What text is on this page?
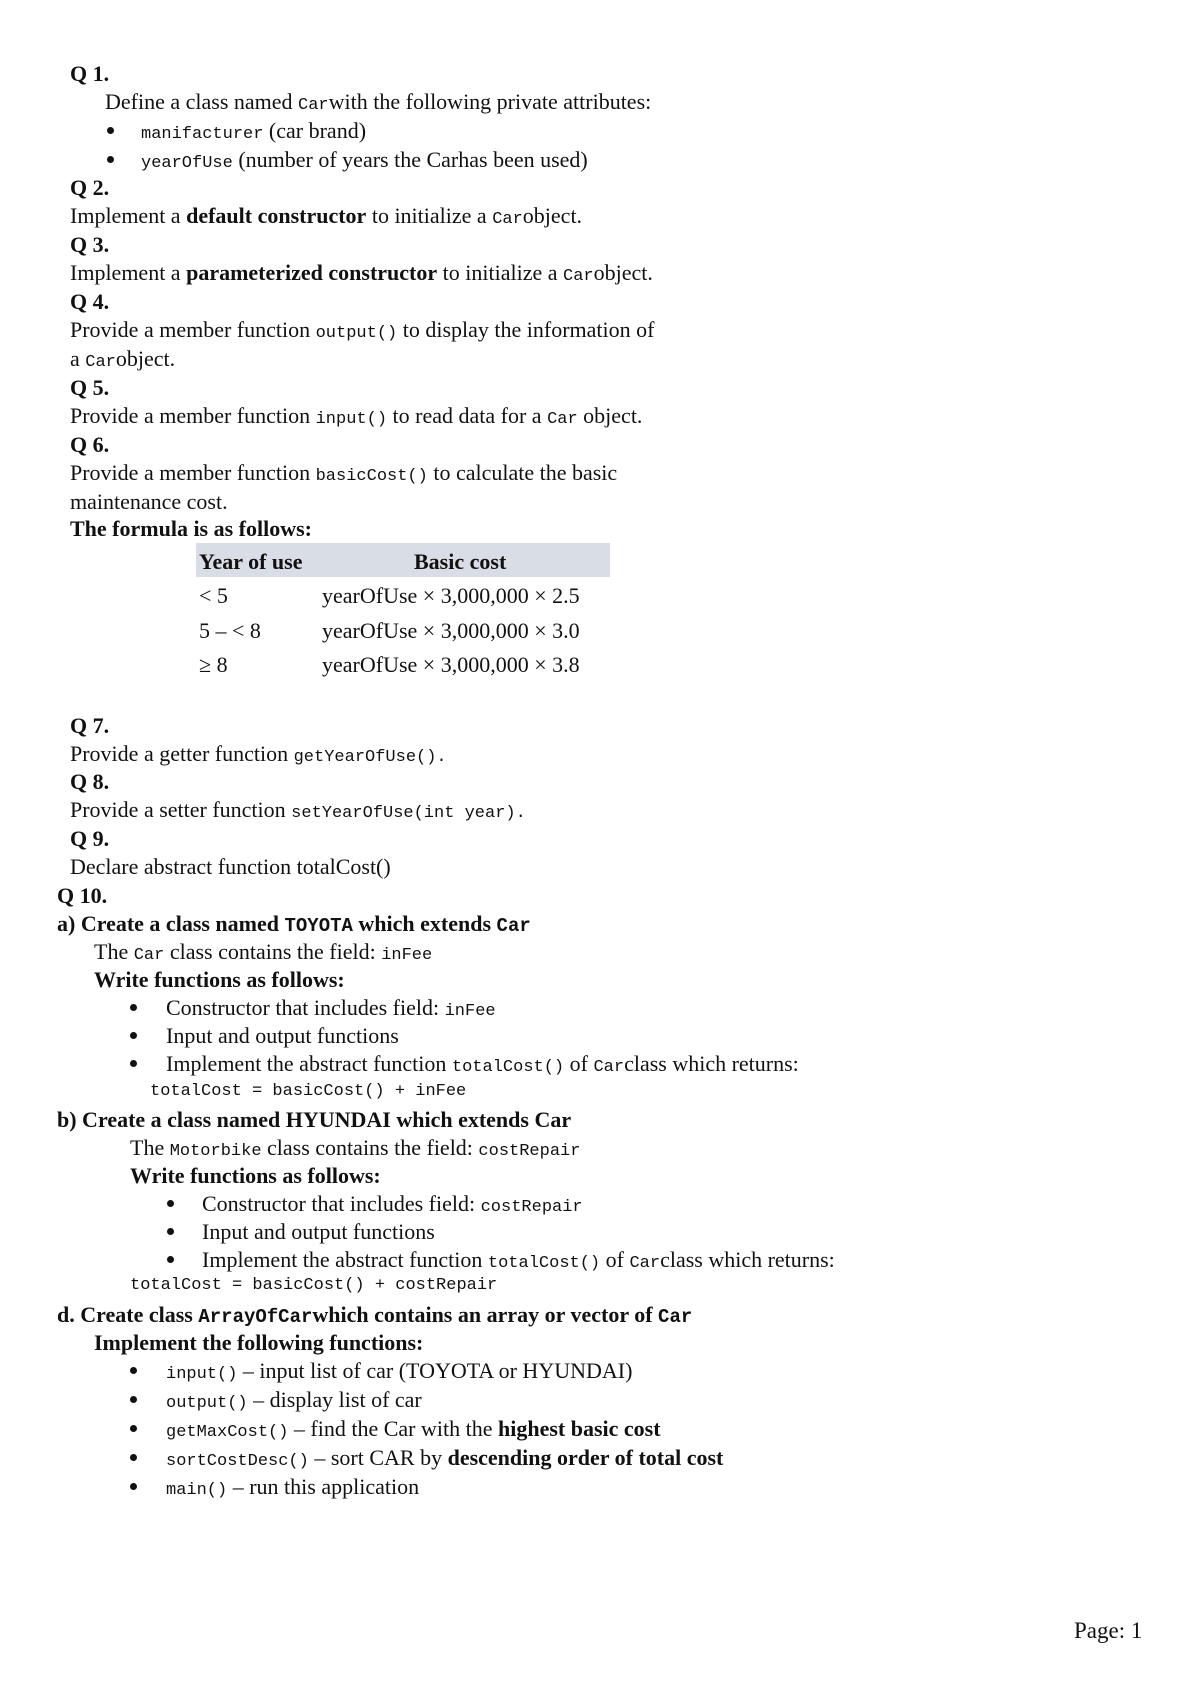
Q 1.
Define a class named Carwith the following private attributes:
manifacturer (car brand)
yearOfUse (number of years the Carhas been used)
Q 2.
Implement a default constructor to initialize a Carobject.
Q 3.
Implement a parameterized constructor to initialize a Carobject.
Q 4.
Provide a member function output() to display the information of
a Carobject.
Q 5.
Provide a member function input() to read data for a Car object.
Q 6.
Provide a member function basicCost() to calculate the basic
maintenance cost.
The formula is as follows:
Year of use	Basic cost
< 5	yearOfUse × 3,000,000 × 2.5
5 – < 8	yearOfUse × 3,000,000 × 3.0
≥ 8	yearOfUse × 3,000,000 × 3.8
Q 7.
Provide a getter function getYearOfUse().
Q 8.
Provide a setter function setYearOfUse(int year).
Q 9.
Declare abstract function totalCost()
Q 10.
a) Create a class named TOYOTA which extends Car
The Car class contains the field: inFee
Write functions as follows:
Constructor that includes field: inFee
Input and output functions
Implement the abstract function totalCost() of Carclass which returns:
totalCost = basicCost() + inFee
b) Create a class named HYUNDAI which extends Car
The Motorbike class contains the field: costRepair
Write functions as follows:
Constructor that includes field: costRepair
Input and output functions
Implement the abstract function totalCost() of Carclass which returns:
totalCost = basicCost() + costRepair
d. Create class ArrayOfCarwhich contains an array or vector of Car
Implement the following functions:
input() – input list of car (TOYOTA or HYUNDAI)
output() – display list of car
getMaxCost() – find the Car with the highest basic cost
sortCostDesc() – sort CAR by descending order of total cost
main() – run this application
Page: 1
